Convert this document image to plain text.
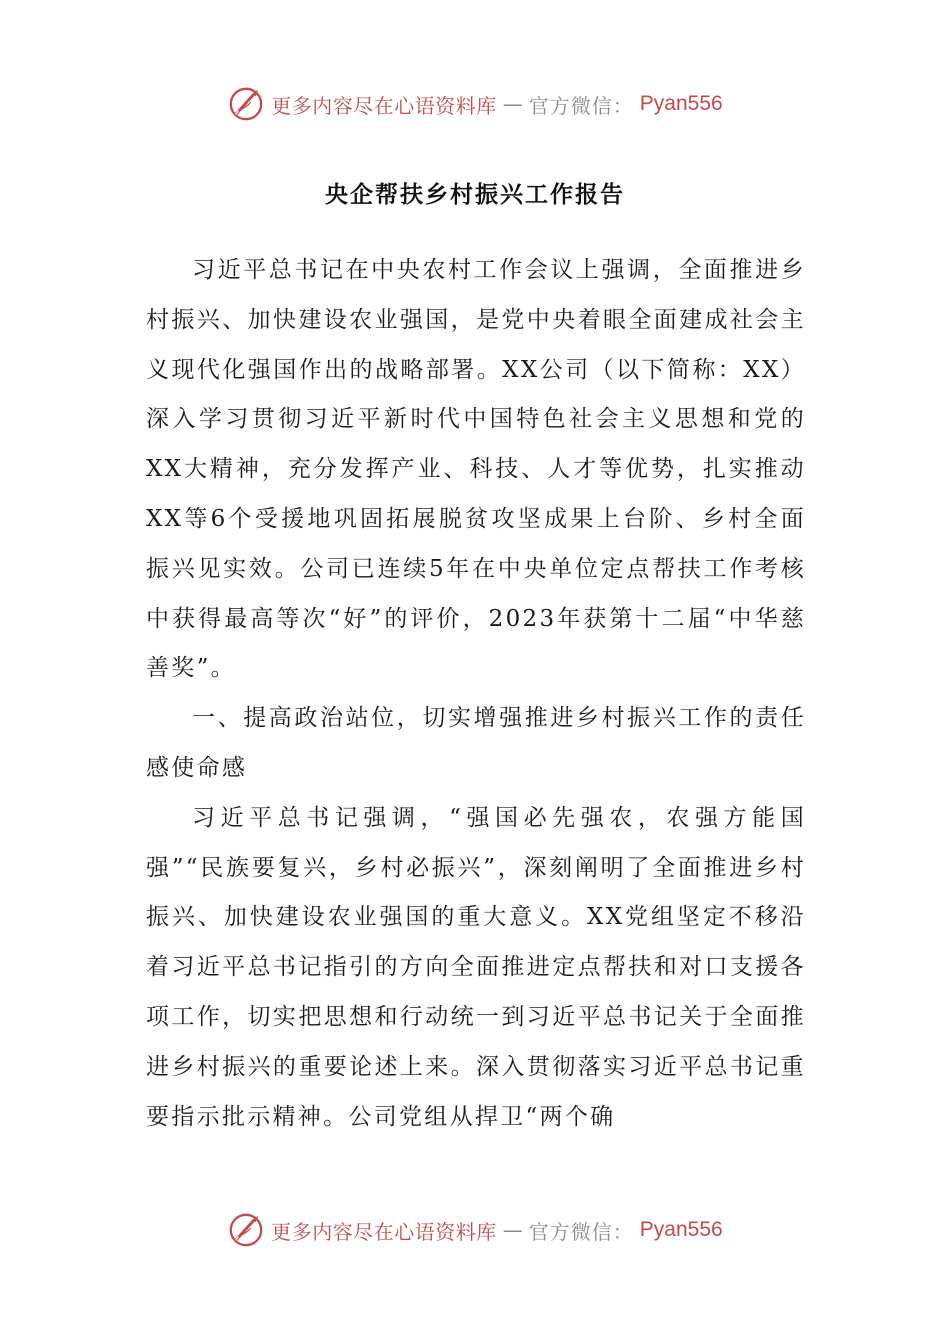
更多内容尽在心语资料库 — 官方微信： Pyan556
央企帮扶乡村振兴工作报告

习近平总书记在中央农村工作会议上强调，全面推进乡村振兴、加快建设农业强国，是党中央着眼全面建成社会主义现代化强国作出的战略部署。XX公司（以下简称：XX）深入学习贯彻习近平新时代中国特色社会主义思想和党的XX大精神，充分发挥产业、科技、人才等优势，扎实推动XX等6个受援地巩固拓展脱贫攻坚成果上台阶、乡村全面振兴见实效。公司已连续5年在中央单位定点帮扶工作考核中获得最高等次“好”的评价，2023年获第十二届“中华慈善奖”。

一、提高政治站位，切实增强推进乡村振兴工作的责任感使命感

习近平总书记强调，“强国必先强农，农强方能国强”“民族要复兴，乡村必振兴”，深刻阐明了全面推进乡村振兴、加快建设农业强国的重大意义。XX党组坚定不移沿着习近平总书记指引的方向全面推进定点帮扶和对口支援各项工作，切实把思想和行动统一到习近平总书记关于全面推进乡村振兴的重要论述上来。深入贯彻落实习近平总书记重要指示批示精神。公司党组从捍卫“两个确

更多内容尽在心语资料库 — 官方微信： Pyan556
